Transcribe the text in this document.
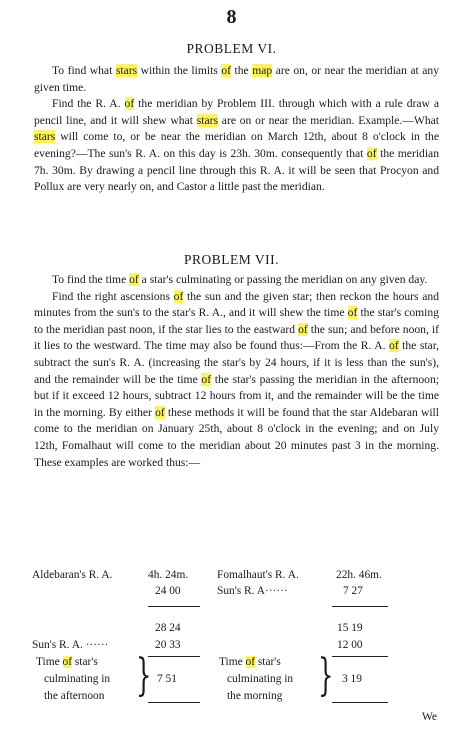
8
PROBLEM VI.

To find what stars within the limits of the map are on, or near the meridian at any given time.

Find the R. A. of the meridian by Problem III. through which with a rule draw a pencil line, and it will shew what stars are on or near the meridian. Example.—What stars will come to, or be near the meridian on March 12th, about 8 o'clock in the evening?—The sun's R. A. on this day is 23h. 30m. consequently that of the meridian 7h. 30m. By drawing a pencil line through this R. A. it will be seen that Procyon and Pollux are very nearly on, and Castor a little past the meridian.

PROBLEM VII.

To find the time of a star's culminating or passing the meridian on any given day.

Find the right ascensions of the sun and the given star; then reckon the hours and minutes from the sun's to the star's R. A., and it will shew the time of the star's coming to the meridian past noon, if the star lies to the eastward of the sun; and before noon, if it lies to the westward. The time may also be found thus:—From the R. A. of the star, subtract the sun's R. A. (increasing the star's by 24 hours, if it is less than the sun's), and the remainder will be the time of the star's passing the meridian in the afternoon; but if it exceed 12 hours, subtract 12 hours from it, and the remainder will be the time in the morning. By either of these methods it will be found that the star Aldebaran will come to the meridian on January 25th, about 8 o'clock in the evening; and on July 12th, Fomalhaut will come to the meridian about 20 minutes past 3 in the morning. These examples are worked thus:—

Aldebaran's R. A.	4h. 24m.
24 00
28 24
Sun's R. A. ······	20 33
Time of star's
culminating in
the afternoon } 7 51
Fomalhaut's R. A.	22h. 46m.
Sun's R. A······	7 27
15 19
12 00
Time of star's
culminating in
the morning } 3 19
We
